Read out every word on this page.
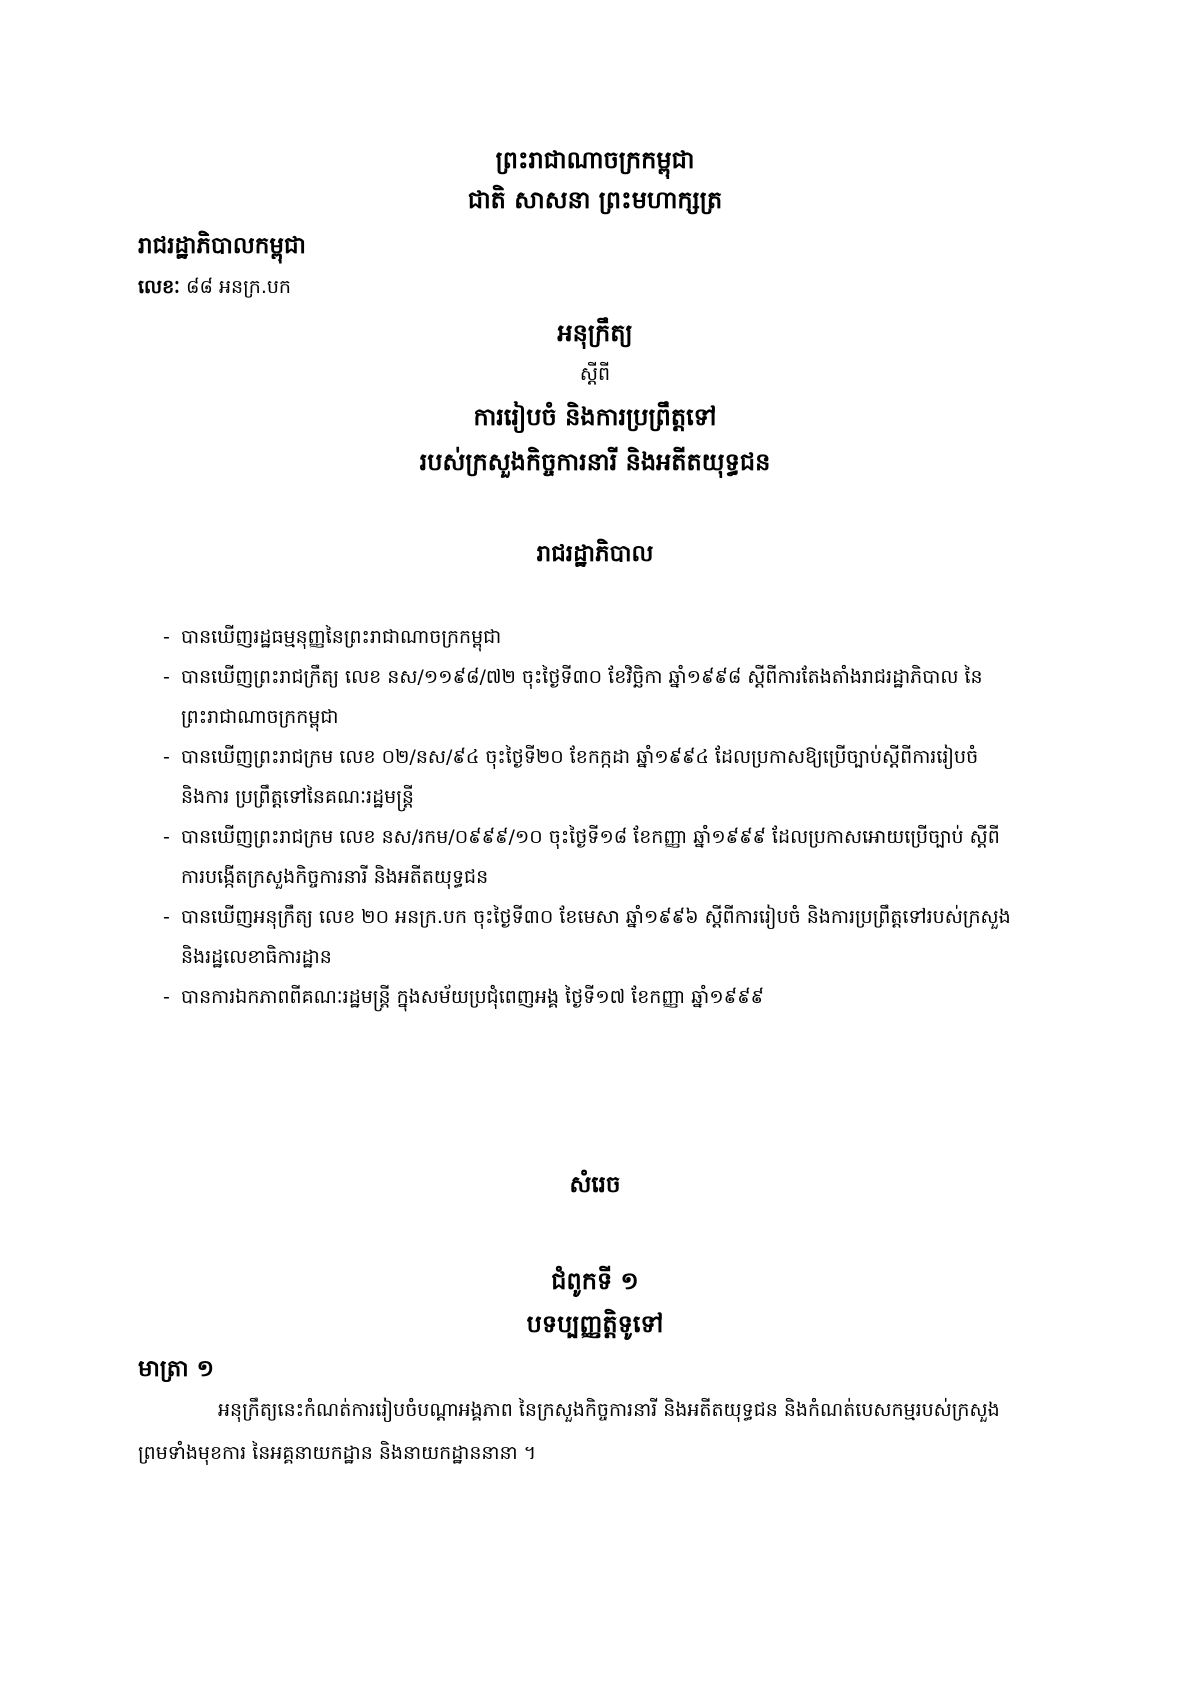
ព្រះរាជាណាចក្រកម្ពុជា
ជាតិ សាសនា ព្រះមហាក្សត្រ
រាជរដ្ឋាភិបាលកម្ពុជា
លេខៈ ៨៨ អនក្រ.បក
អនុក្រឹត្យ
ស្តីពី
ការរៀបចំ និងការប្រព្រឹត្តទៅ
របស់ក្រសួងកិច្ចការនារី និងអតីតយុទ្ធជន
រាជរដ្ឋាភិបាល
- បានឃើញរដ្ឋធម្មនុញ្ញនៃព្រះរាជាណាចក្រកម្ពុជា
- បានឃើញព្រះរាជក្រឹត្យ លេខ នស/១១៩៨/៧២ ចុះថ្ងៃទី៣០ ខែវិច្ឆិកា ឆ្នាំ១៩៩៨ ស្តីពីការតែងតាំងរាជរដ្ឋាភិបាល នៃ
ព្រះរាជាណាចក្រកម្ពុជា
- បានឃើញព្រះរាជក្រម លេខ ០២/នស/៩៤ ចុះថ្ងៃទី២០ ខែកក្កដា ឆ្នាំ១៩៩៤ ដែលប្រកាសឱ្យប្រើច្បាប់ស្តីពីការរៀបចំ
និងការ ប្រព្រឹត្តទៅនៃគណៈរដ្ឋមន្ត្រី
- បានឃើញព្រះរាជក្រម លេខ នស/រកម/០៩៩៩/១០ ចុះថ្ងៃទី១៨ ខែកញ្ញា ឆ្នាំ១៩៩៩ ដែលប្រកាសអោយប្រើច្បាប់ ស្តីពី
ការបង្កើតក្រសួងកិច្ចការនារី និងអតីតយុទ្ធជន
- បានឃើញអនុក្រឹត្យ លេខ ២០ អនក្រ.បក ចុះថ្ងៃទី៣០ ខែមេសា ឆ្នាំ១៩៩៦ ស្តីពីការរៀបចំ និងការប្រព្រឹត្តទៅរបស់ក្រសួង
និងរដ្ឋលេខាធិការដ្ឋាន
- បានការឯកភាពពីគណៈរដ្ឋមន្ត្រី ក្នុងសម័យប្រជុំពេញអង្គ ថ្ងៃទី១៧ ខែកញ្ញា ឆ្នាំ១៩៩៩
សំរេច
ជំពូកទី ១
បទប្បញ្ញត្តិទូទៅ
មាត្រា ១
អនុក្រឹត្យនេះកំណត់ការរៀបចំបណ្តាអង្គភាព នៃក្រសួងកិច្ចការនារី និងអតីតយុទ្ធជន និងកំណត់បេសកម្មរបស់ក្រសួង
ព្រមទាំងមុខការ នៃអគ្គនាយកដ្ឋាន និងនាយកដ្ឋាននានា ។
